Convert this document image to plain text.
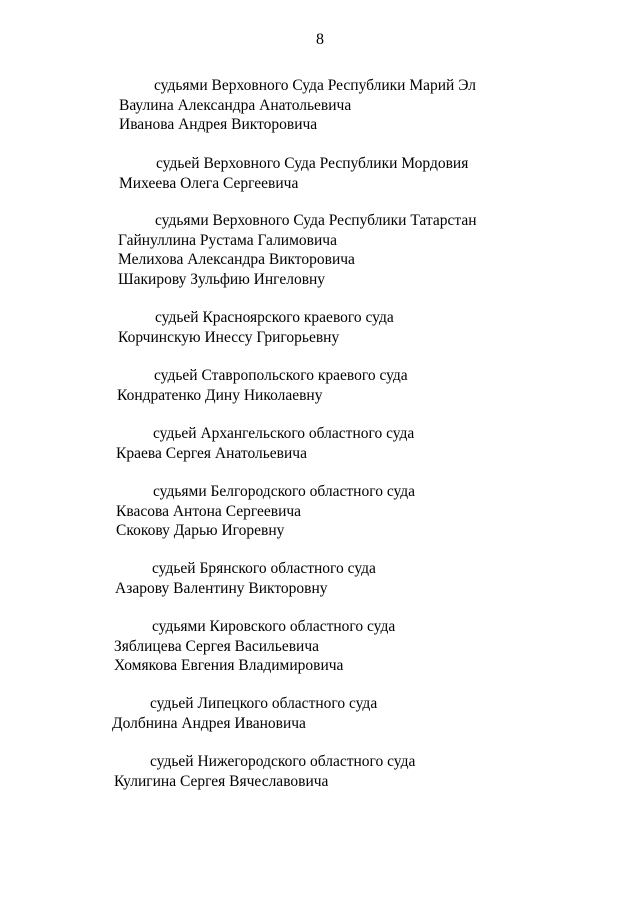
8
судьями Верховного Суда Республики Марий Эл
Ваулина Александра Анатольевича
Иванова Андрея Викторовича
судьей Верховного Суда Республики Мордовия
Михеева Олега Сергеевича
судьями Верховного Суда Республики Татарстан
Гайнуллина Рустама Галимовича
Мелихова Александра Викторовича
Шакирову Зульфию Ингеловну
судьей Красноярского краевого суда
Корчинскую Инессу Григорьевну
судьей Ставропольского краевого суда
Кондратенко Дину Николаевну
судьей Архангельского областного суда
Краева Сергея Анатольевича
судьями Белгородского областного суда
Квасова Антона Сергеевича
Скокову Дарью Игоревну
судьей Брянского областного суда
Азарову Валентину Викторовну
судьями Кировского областного суда
Зяблицева Сергея Васильевича
Хомякова Евгения Владимировича
судьей Липецкого областного суда
Долбнина Андрея Ивановича
судьей Нижегородского областного суда
Кулигина Сергея Вячеславовича
